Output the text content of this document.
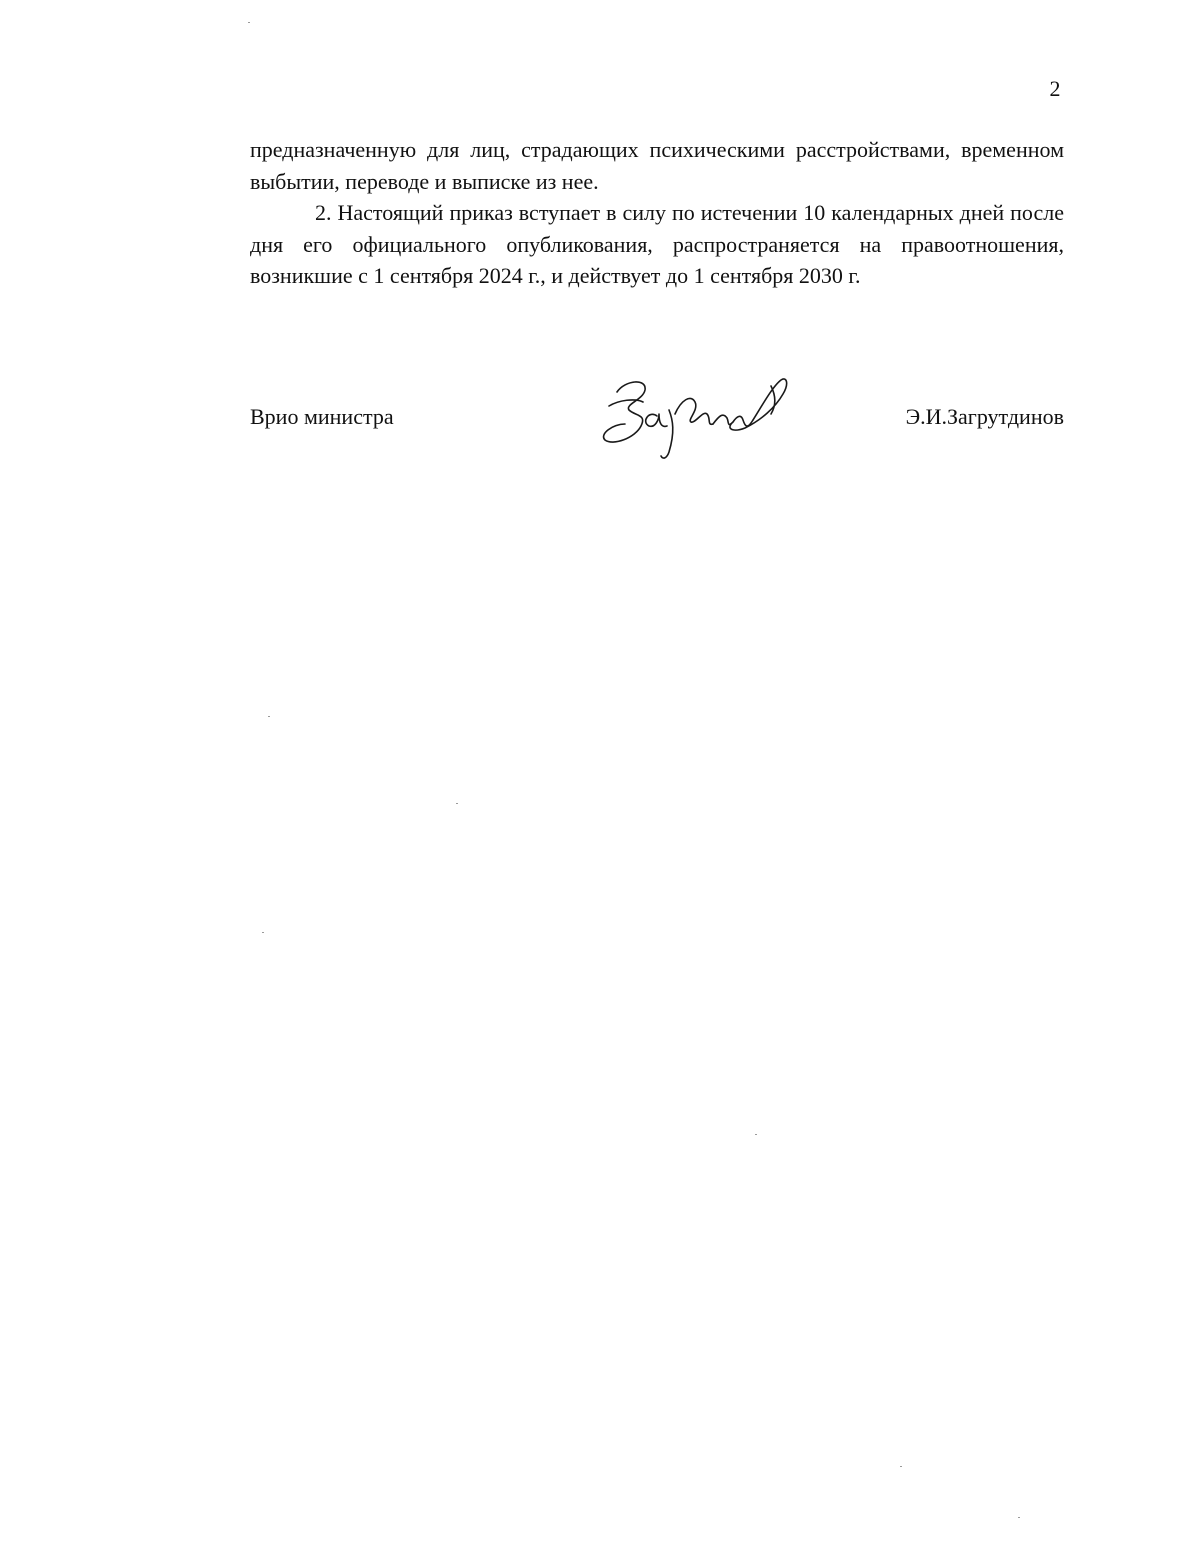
2

предназначенную для лиц, страдающих психическими расстройствами, временном выбытии, переводе и выписке из нее.

2. Настоящий приказ вступает в силу по истечении 10 календарных дней после дня его официального опубликования, распространяется на правоотношения, возникшие с 1 сентября 2024 г., и действует до 1 сентября 2030 г.

Врио министра	Э.И.Загрутдинов
